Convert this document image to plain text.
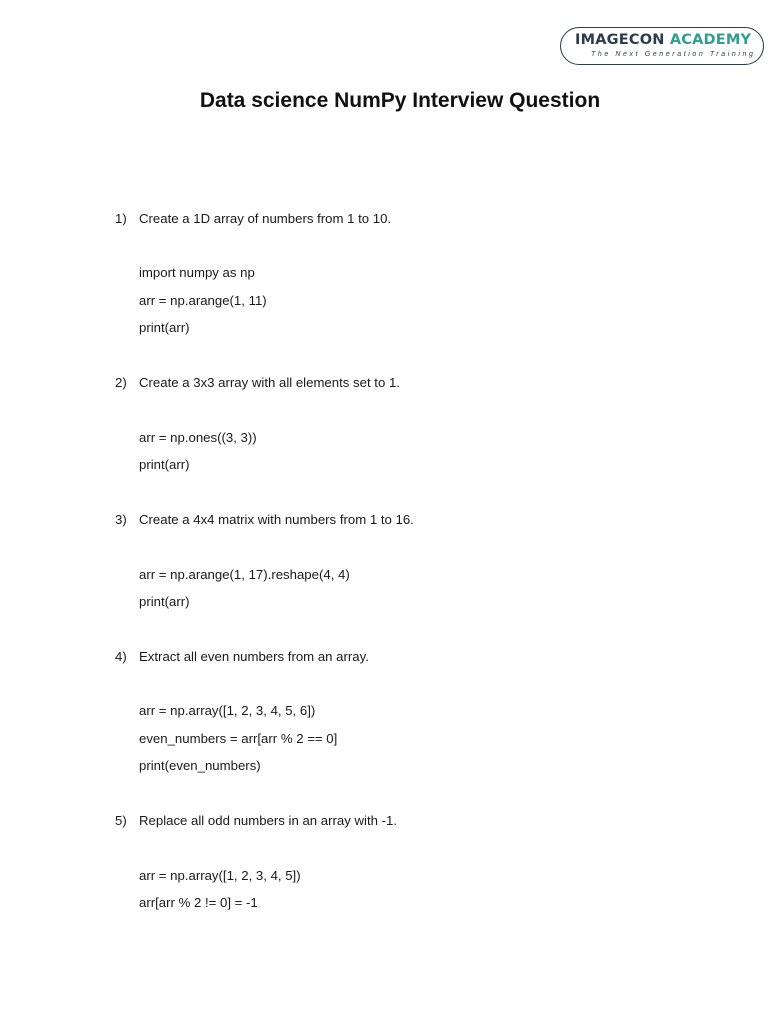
IMAGECON ACADEMY
The Next Generation Training
Data science NumPy Interview Question
1) Create a 1D array of numbers from 1 to 10.
import numpy as np
arr = np.arange(1, 11)
print(arr)
2) Create a 3x3 array with all elements set to 1.
arr = np.ones((3, 3))
print(arr)
3) Create a 4x4 matrix with numbers from 1 to 16.
arr = np.arange(1, 17).reshape(4, 4)
print(arr)
4) Extract all even numbers from an array.
arr = np.array([1, 2, 3, 4, 5, 6])
even_numbers = arr[arr % 2 == 0]
print(even_numbers)
5) Replace all odd numbers in an array with -1.
arr = np.array([1, 2, 3, 4, 5])
arr[arr % 2 != 0] = -1
